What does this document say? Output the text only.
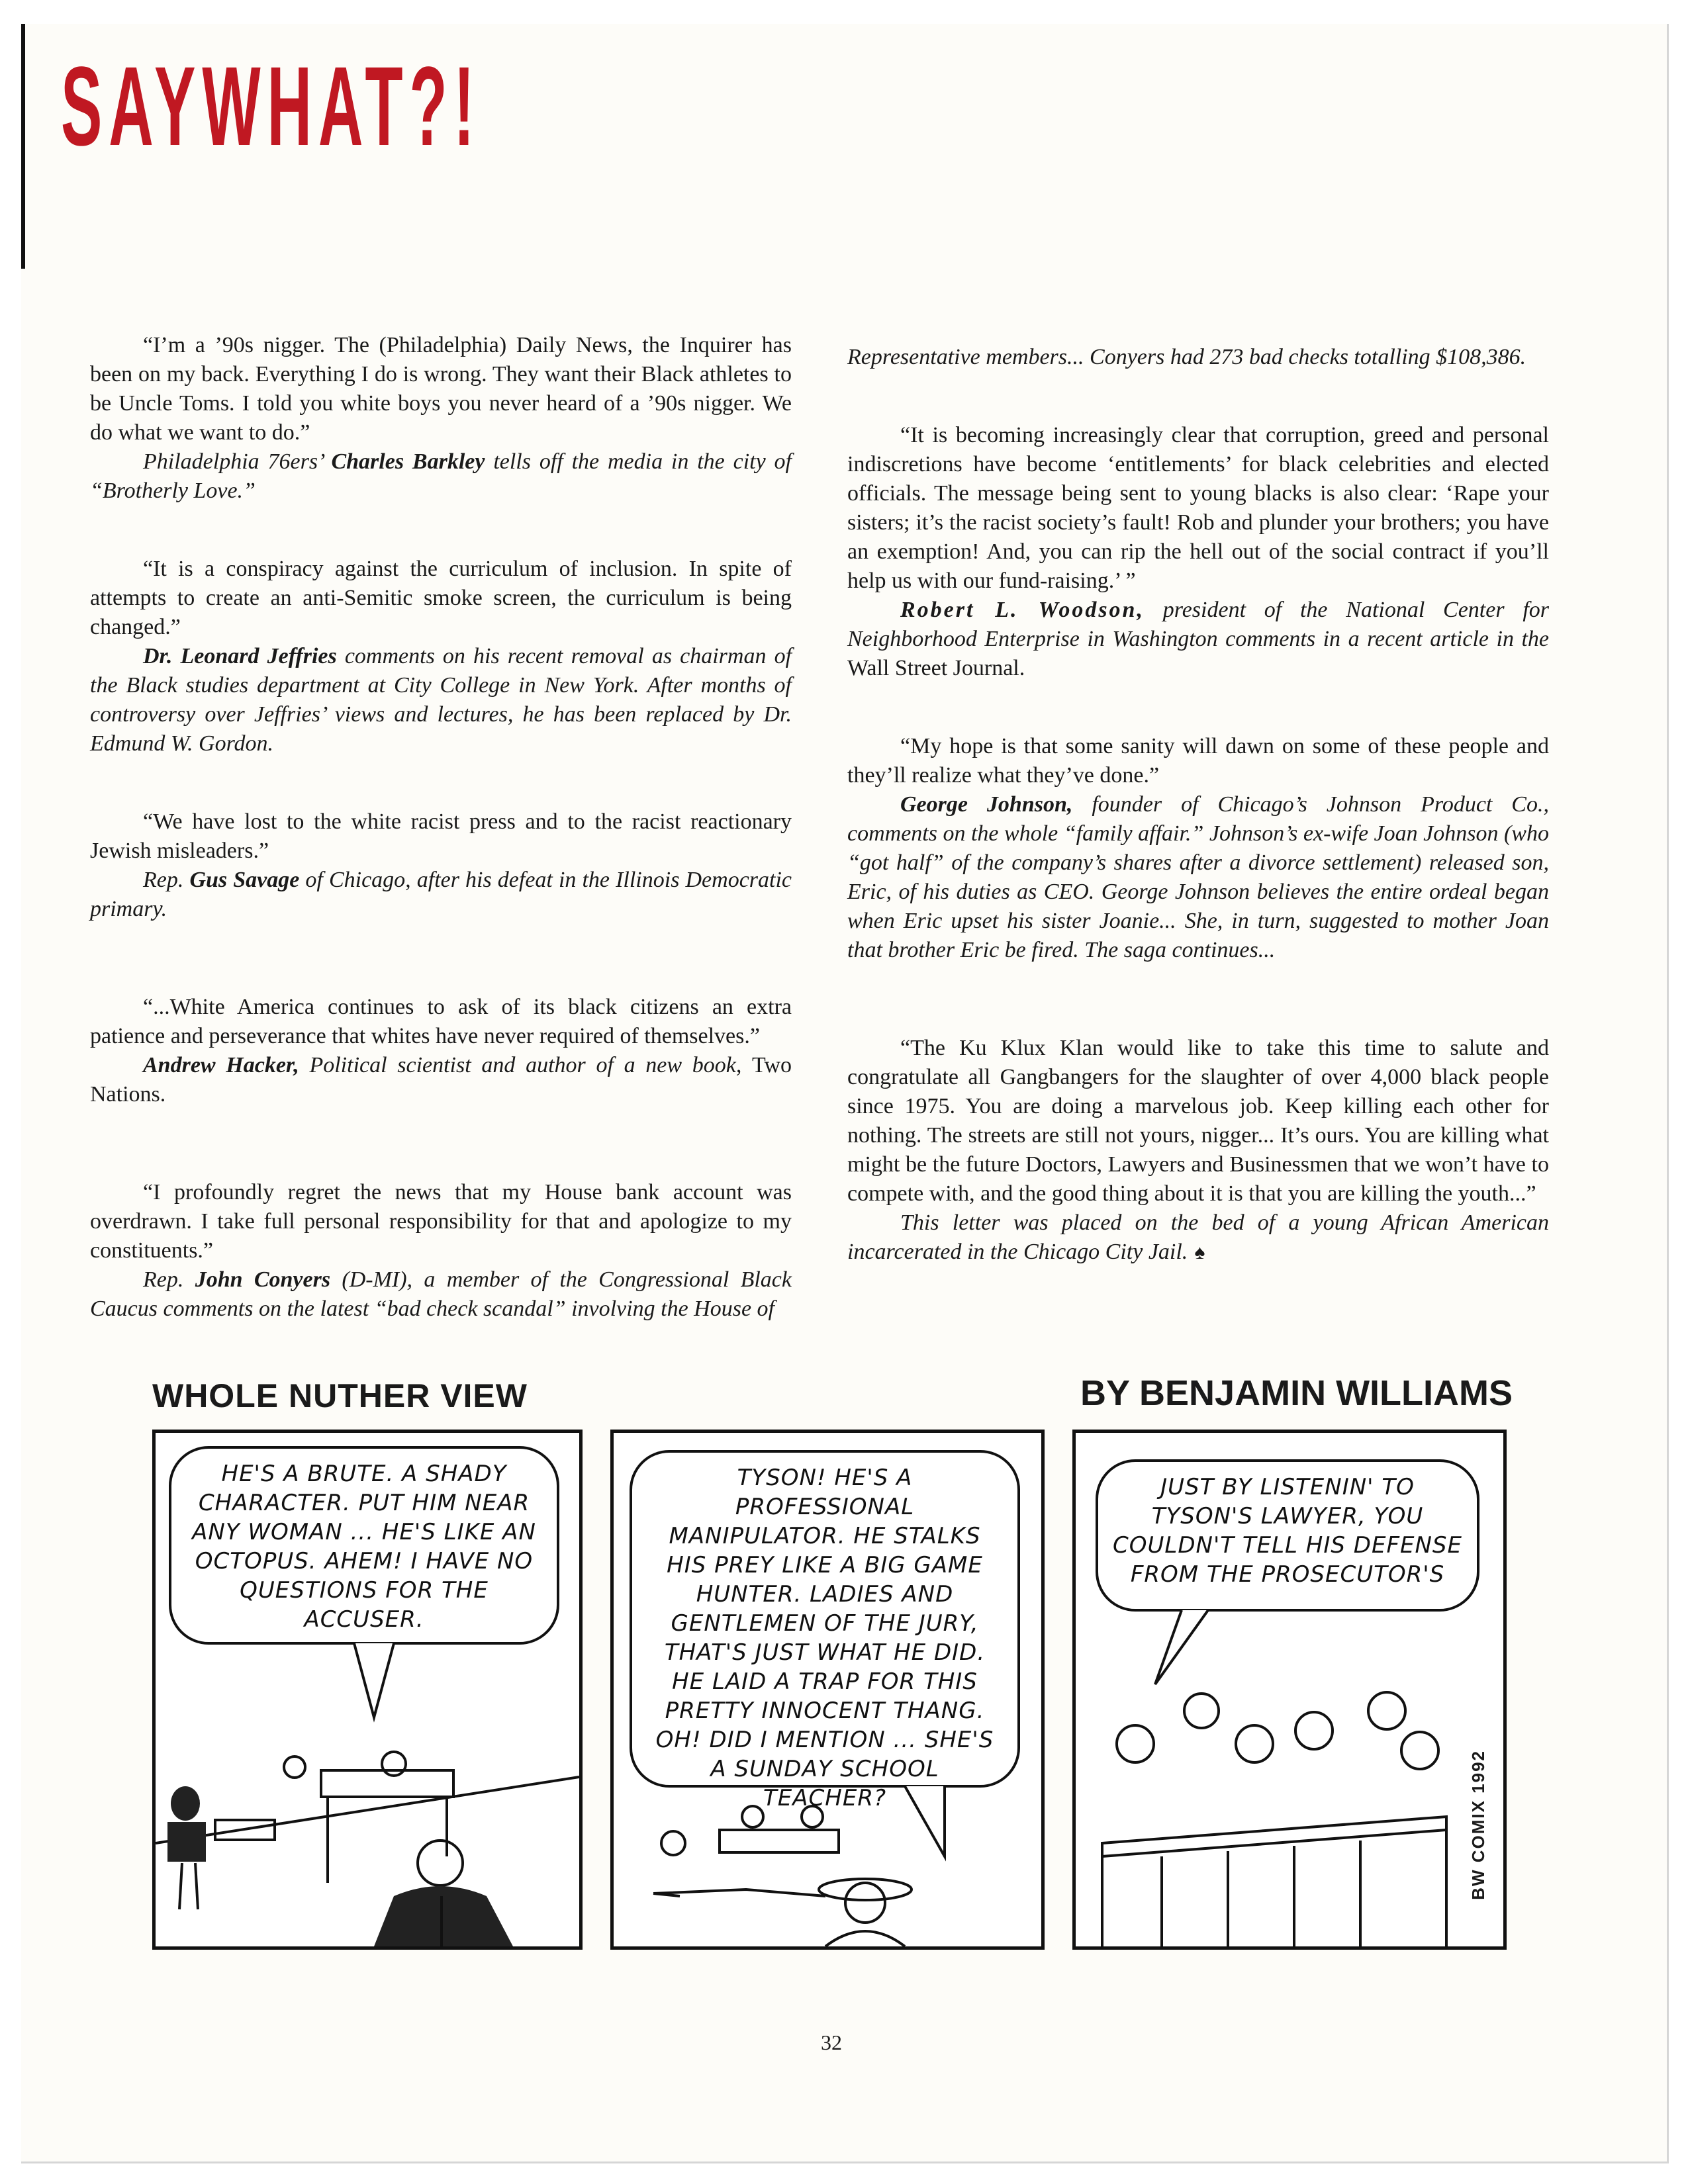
SAYWHAT?!

“I’m a ’90s nigger. The (Philadelphia) Daily News, the Inquirer has been on my back. Everything I do is wrong. They want their Black athletes to be Uncle Toms. I told you white boys you never heard of a ’90s nigger. We do what we want to do.”

Philadelphia 76ers’ Charles Barkley tells off the media in the city of “Brotherly Love.”

“It is a conspiracy against the curriculum of inclusion. In spite of attempts to create an anti-Semitic smoke screen, the curriculum is being changed.”

Dr. Leonard Jeffries comments on his recent removal as chairman of the Black studies department at City College in New York. After months of controversy over Jeffries’ views and lectures, he has been replaced by Dr. Edmund W. Gordon.

“We have lost to the white racist press and to the racist reactionary Jewish misleaders.”

Rep. Gus Savage of Chicago, after his defeat in the Illinois Democratic primary.

“...White America continues to ask of its black citizens an extra patience and perseverance that whites have never required of themselves.”

Andrew Hacker, Political scientist and author of a new book, Two Nations.

“I profoundly regret the news that my House bank account was overdrawn. I take full personal responsibility for that and apologize to my constituents.”

Rep. John Conyers (D-MI), a member of the Congressional Black Caucus comments on the latest “bad check scandal” involving the House of

Representative members... Conyers had 273 bad checks totalling $108,386.

“It is becoming increasingly clear that corruption, greed and personal indiscretions have become ‘entitlements’ for black celebrities and elected officials. The message being sent to young blacks is also clear: ‘Rape your sisters; it’s the racist society’s fault! Rob and plunder your brothers; you have an exemption! And, you can rip the hell out of the social contract if you’ll help us with our fund-raising.’ ”

Robert L. Woodson, president of the National Center for Neighborhood Enterprise in Washington comments in a recent article in the Wall Street Journal.

“My hope is that some sanity will dawn on some of these people and they’ll realize what they’ve done.”

George Johnson, founder of Chicago’s Johnson Product Co., comments on the whole “family affair.” Johnson’s ex-wife Joan Johnson (who “got half” of the company’s shares after a divorce settlement) released son, Eric, of his duties as CEO. George Johnson believes the entire ordeal began when Eric upset his sister Joanie... She, in turn, suggested to mother Joan that brother Eric be fired. The saga continues...

“The Ku Klux Klan would like to take this time to salute and congratulate all Gangbangers for the slaughter of over 4,000 black people since 1975. You are doing a marvelous job. Keep killing each other for nothing. The streets are still not yours, nigger... It’s ours. You are killing what might be the future Doctors, Lawyers and Businessmen that we won’t have to compete with, and the good thing about it is that you are killing the youth...”

This letter was placed on the bed of a young African American incarcerated in the Chicago City Jail. ♠

WHOLE NUTHER VIEW	BY BENJAMIN WILLIAMS
HE'S A BRUTE. A SHADY CHARACTER. PUT HIM NEAR ANY WOMAN ... HE'S LIKE AN OCTOPUS. AHEM! I HAVE NO QUESTIONS FOR THE ACCUSER.
TYSON! HE'S A PROFESSIONAL MANIPULATOR. HE STALKS HIS PREY LIKE A BIG GAME HUNTER. LADIES AND GENTLEMEN OF THE JURY, THAT'S JUST WHAT HE DID. HE LAID A TRAP FOR THIS PRETTY INNOCENT THANG. OH! DID I MENTION ... SHE'S A SUNDAY SCHOOL TEACHER?
JUST BY LISTENIN' TO TYSON'S LAWYER, YOU COULDN'T TELL HIS DEFENSE FROM THE PROSECUTOR'S
BW COMIX 1992
32
